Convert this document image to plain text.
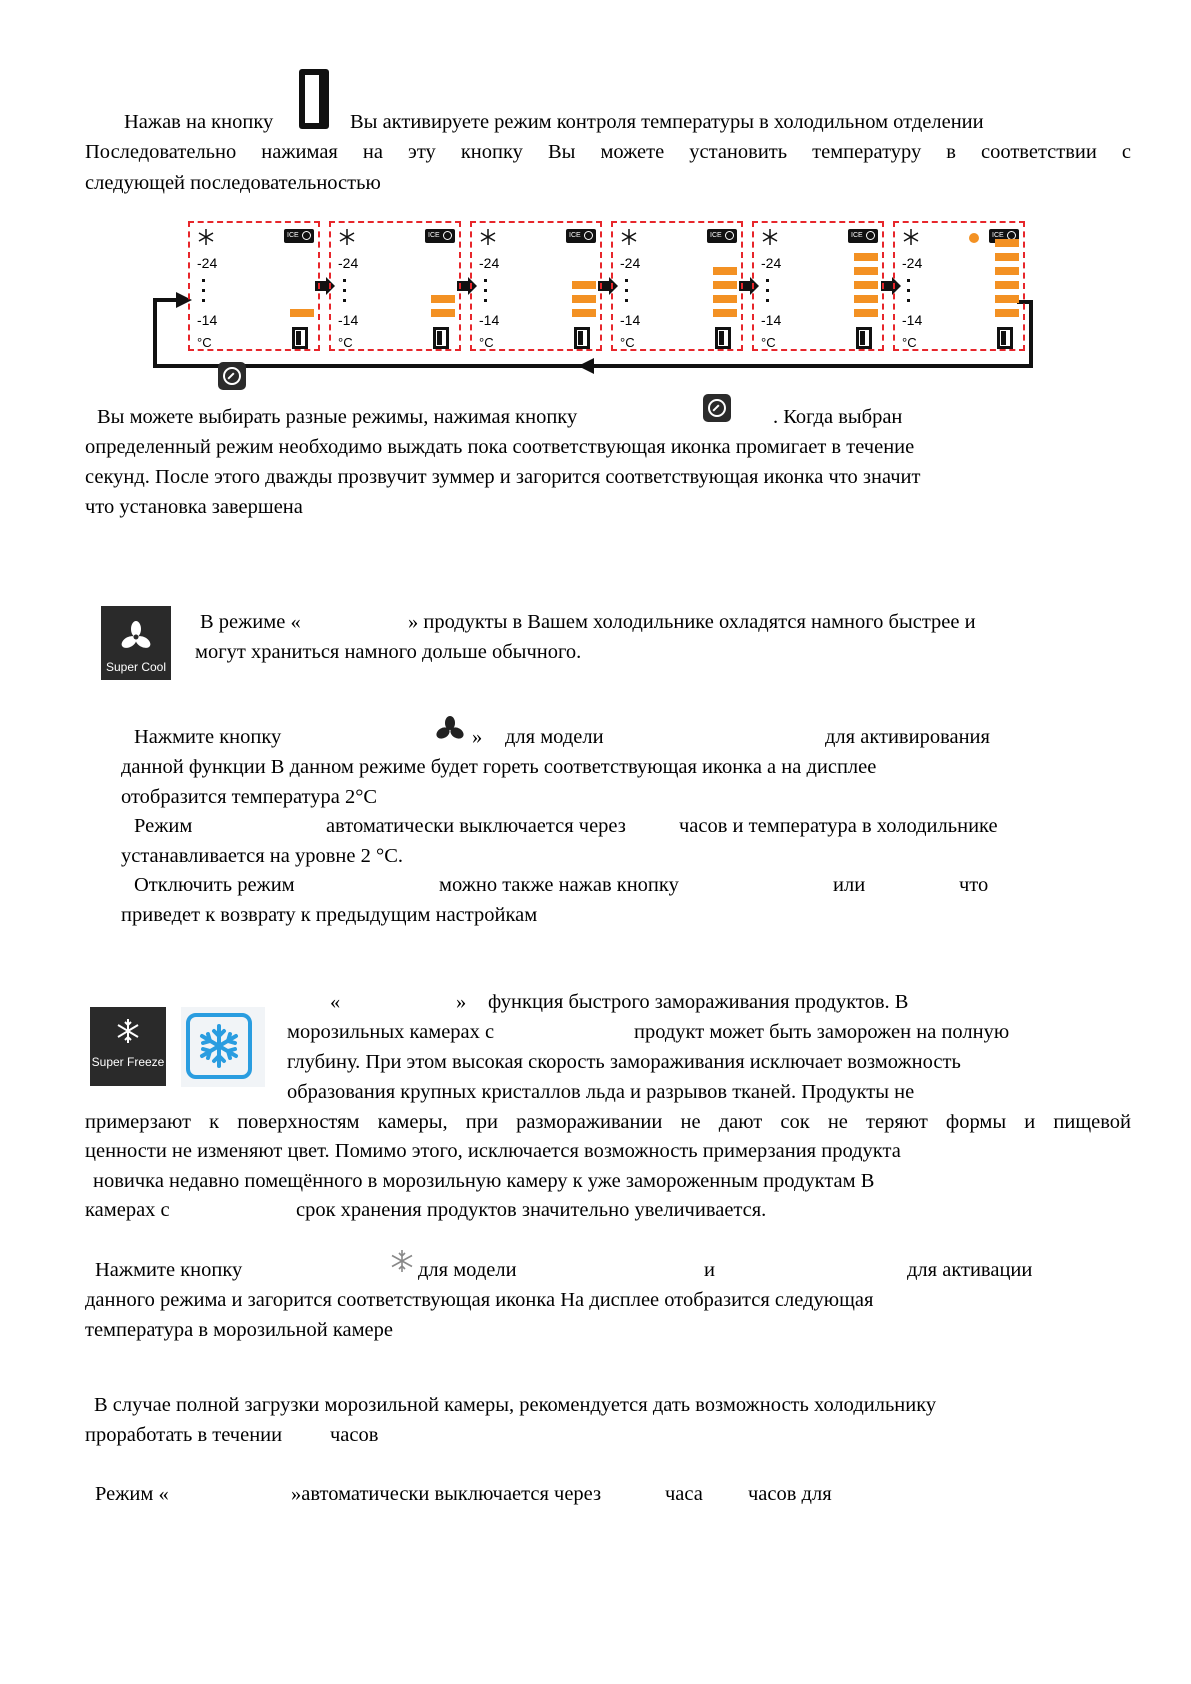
Нажав на кнопку	Вы активируете режим контроля температуры в холодильном отделении
Последовательно нажимая на эту кнопку Вы можете установить температуру в соответствии с
следующей последовательностью
ICE
-24
-14
°C
ICE
-24
-14
°C
ICE
-24
-14
°C
ICE
-24
-14
°C
ICE
-24
-14
°C
ICE
-24
-14
°C
Вы можете выбирать разные режимы, нажимая кнопку	. Когда выбран
определенный режим необходимо выждать пока соответствующая иконка промигает в течение
секунд. После этого дважды прозвучит зуммер и загорится соответствующая иконка что значит
что установка завершена
Super Cool
В режиме «	» продукты в Вашем холодильнике охладятся намного быстрее и
могут храниться намного дольше обычного.
Нажмите кнопку	» для модели	для активирования
данной функции В данном режиме будет гореть соответствующая иконка а на дисплее
отобразится температура 2°C
Режим	автоматически выключается через	часов и температура в холодильнике
устанавливается на уровне 2 °C.
Отключить режим	можно также нажав кнопку	или	что
приведет к возврату к предыдущим настройкам
Super Freeze
«	» функция быстрого замораживания продуктов. В
морозильных камерах с	продукт может быть заморожен на полную
глубину. При этом высокая скорость замораживания исключает возможность
образования крупных кристаллов льда и разрывов тканей. Продукты не
примерзают к поверхностям камеры, при размораживании не дают сок не теряют формы и пищевой
ценности не изменяют цвет. Помимо этого, исключается возможность примерзания продукта
новичка недавно помещённого в морозильную камеру к уже замороженным продуктам В
камерах с	срок хранения продуктов значительно увеличивается.
Нажмите кнопку	для модели	и	для активации
данного режима и загорится соответствующая иконка На дисплее отобразится следующая
температура в морозильной камере
В случае полной загрузки морозильной камеры, рекомендуется дать возможность холодильнику
проработать в течении часов
Режим «	»автоматически выключается через	часа часов для
